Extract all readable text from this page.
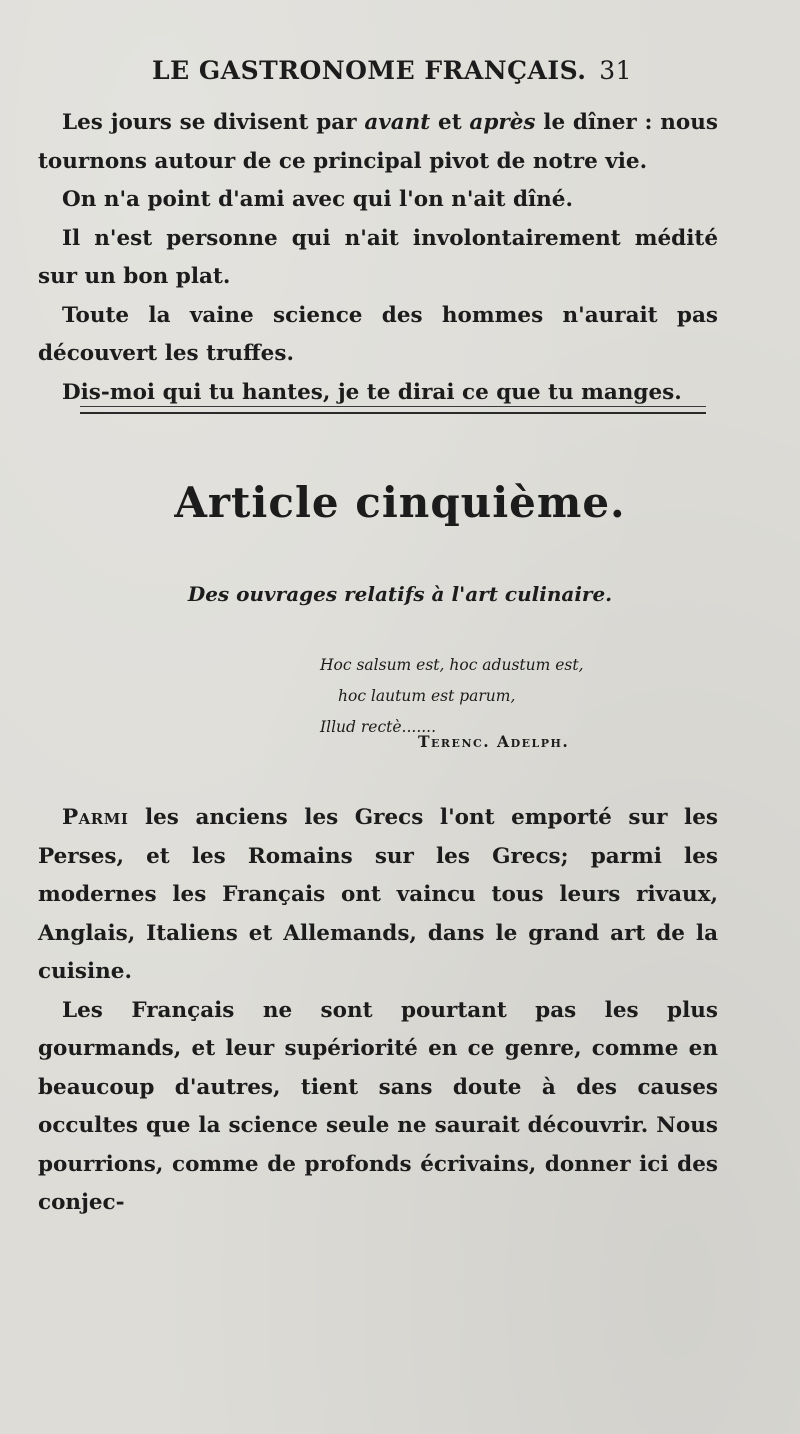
LE GASTRONOME FRANÇAIS. 31

Les jours se divisent par avant et après le dîner : nous tournons autour de ce principal pivot de notre vie.

On n'a point d'ami avec qui l'on n'ait dîné.

Il n'est personne qui n'ait involontairement médité sur un bon plat.

Toute la vaine science des hommes n'aurait pas découvert les truffes.

Dis-moi qui tu hantes, je te dirai ce que tu manges.

Article cinquième.
Des ouvrages relatifs à l'art culinaire.
Hoc salsum est, hoc adustum est,
hoc lautum est parum,
Illud rectè.......
Terenc. Adelph.

Parmi les anciens les Grecs l'ont emporté sur les Perses, et les Romains sur les Grecs; parmi les modernes les Français ont vaincu tous leurs rivaux, Anglais, Italiens et Allemands, dans le grand art de la cuisine.

Les Français ne sont pourtant pas les plus gourmands, et leur supériorité en ce genre, comme en beaucoup d'autres, tient sans doute à des causes occultes que la science seule ne saurait découvrir. Nous pourrions, comme de profonds écrivains, donner ici des conjec-
